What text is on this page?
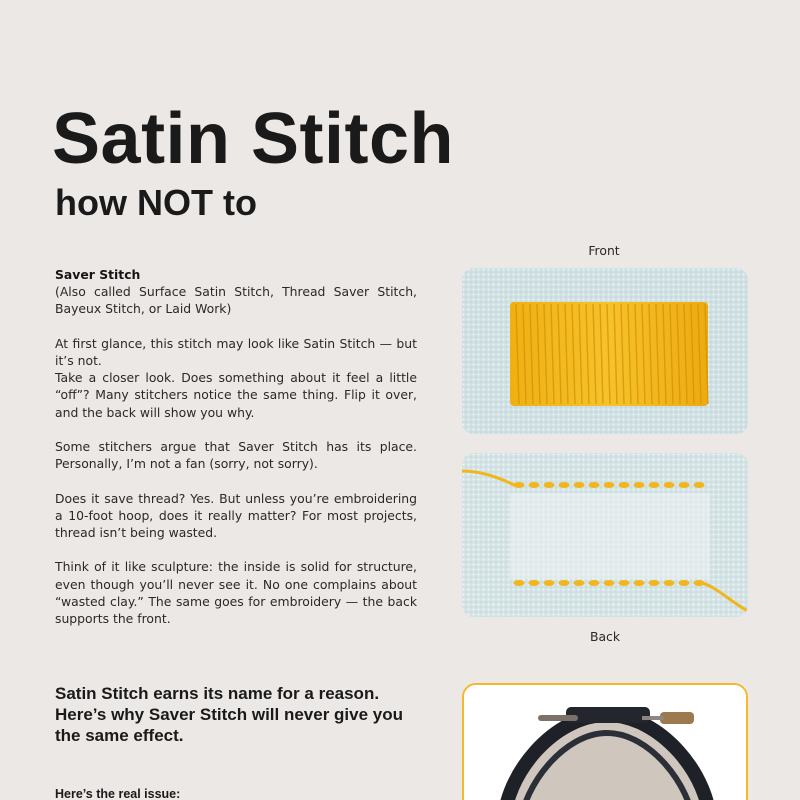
Satin Stitch
how NOT to

Saver Stitch

(Also called Surface Satin Stitch, Thread Saver Stitch, Bayeux Stitch, or Laid Work)

At first glance, this stitch may look like Satin Stitch — but it’s not.

Take a closer look. Does something about it feel a little “off”? Many stitchers notice the same thing. Flip it over, and the back will show you why.

Some stitchers argue that Saver Stitch has its place. Personally, I’m not a fan (sorry, not sorry).

Does it save thread? Yes. But unless you’re embroidering a 10-foot hoop, does it really matter? For most projects, thread isn’t being wasted.

Think of it like sculpture: the inside is solid for structure, even though you’ll never see it. No one complains about “wasted clay.” The same goes for embroidery — the back supports the front.

Front
Back
Satin Stitch earns its name for a reason. Here’s why Saver Stitch will never give you the same effect.
Here’s the real issue:
